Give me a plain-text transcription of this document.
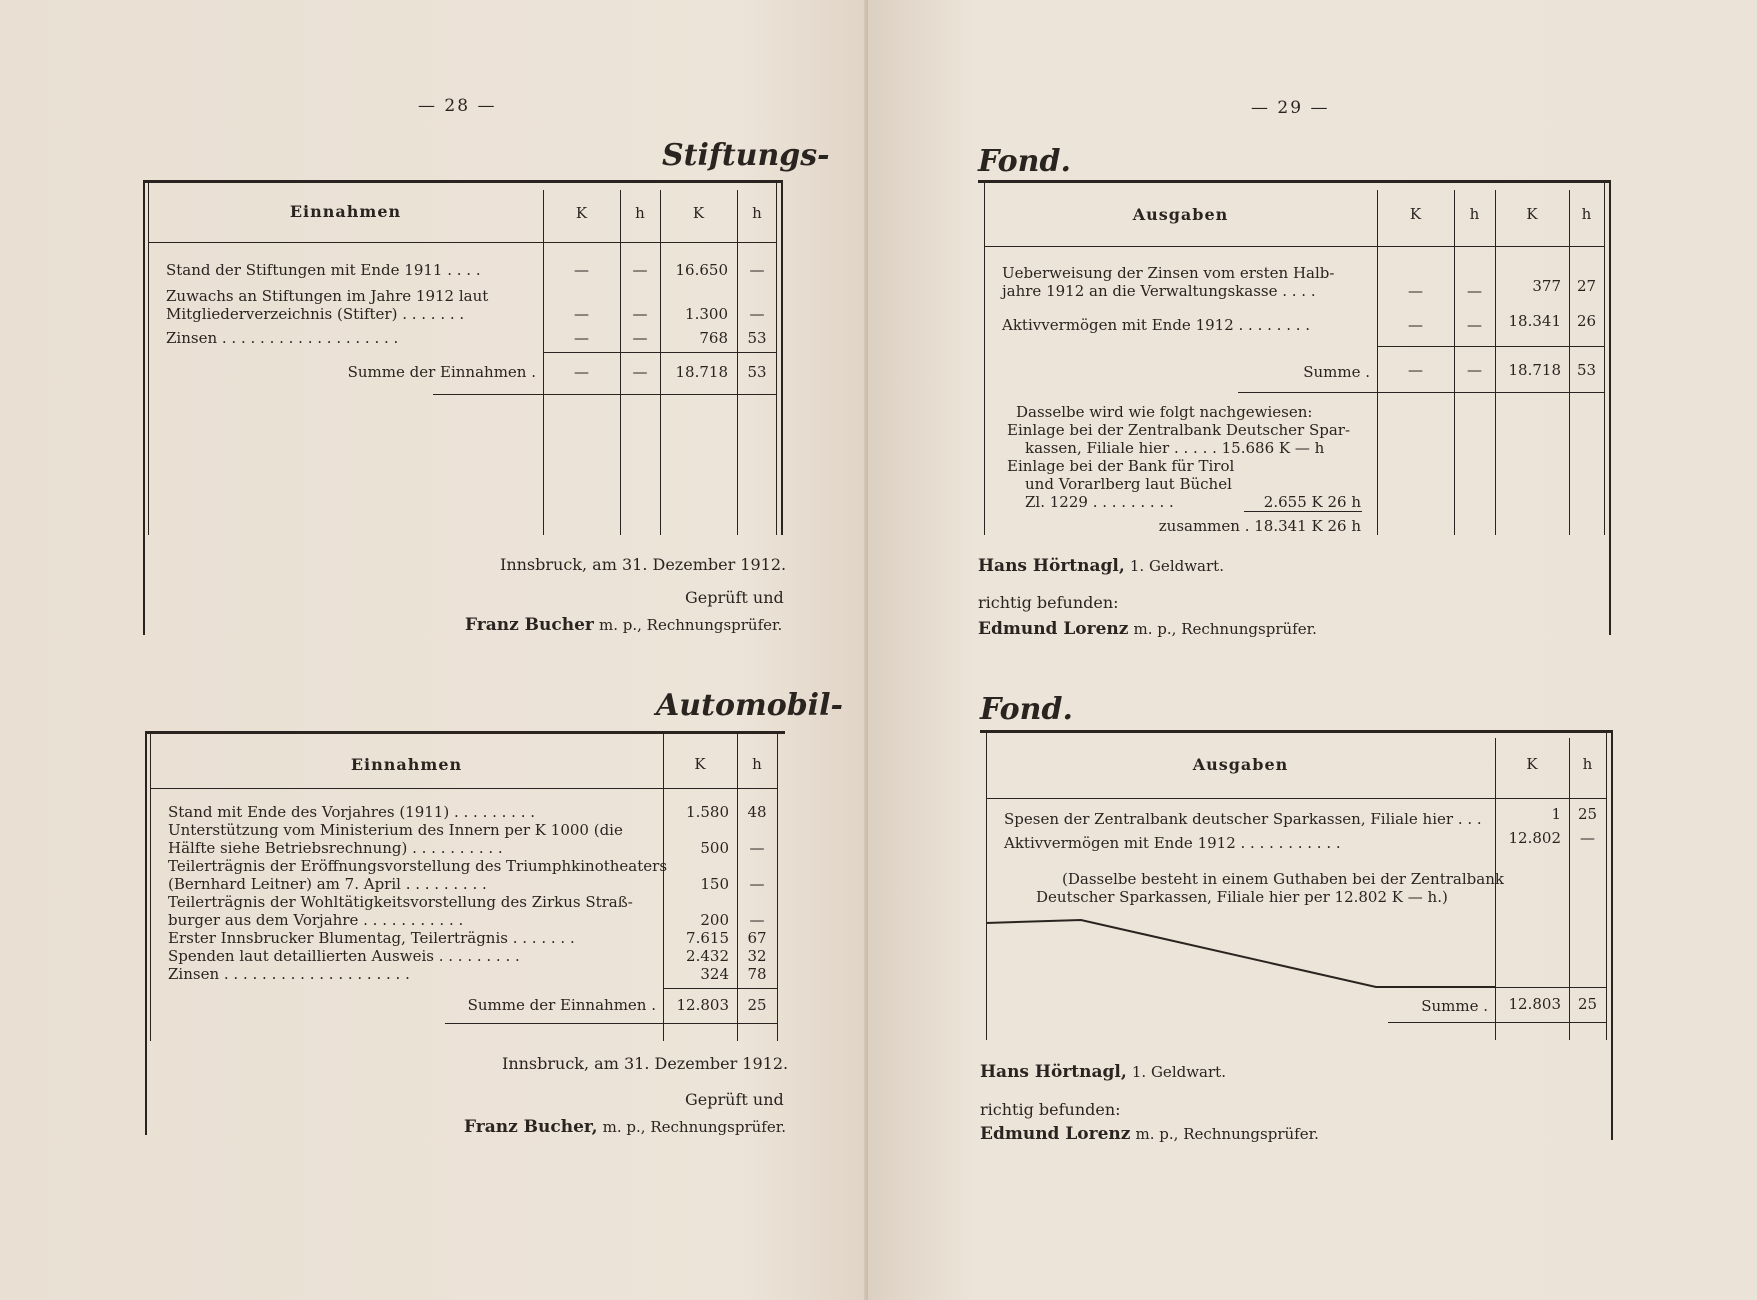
— 28 —
Stiftungs-
Einnahmen	K	h	K	h
Stand der Stiftungen mit Ende 1911 . . . .	—	—	16.650	—
Zuwachs an Stiftungen im Jahre 1912 laut
Mitgliederverzeichnis (Stifter) . . . . . . .	—	—	1.300	—
Zinsen . . . . . . . . . . . . . . . . . . .	—	—	768	53
Summe der Einnahmen .	—	—	18.718	53
Innsbruck, am 31. Dezember 1912.
Geprüft und
Franz Bucher m. p., Rechnungsprüfer.
Automobil-
Einnahmen	K	h
Stand mit Ende des Vorjahres (1911) . . . . . . . . .	1.580	48
Unterstützung vom Ministerium des Innern per K 1000 (die
Hälfte siehe Betriebsrechnung) . . . . . . . . . .	500	—
Teilerträgnis der Eröffnungsvorstellung des Triumphkinotheaters
(Bernhard Leitner) am 7. April . . . . . . . . .	150	—
Teilerträgnis der Wohltätigkeitsvorstellung des Zirkus Straß-
burger aus dem Vorjahre . . . . . . . . . . .	200	—
Erster Innsbrucker Blumentag, Teilerträgnis . . . . . . .	7.615	67
Spenden laut detaillierten Ausweis . . . . . . . . .	2.432	32
Zinsen . . . . . . . . . . . . . . . . . . . .	324	78
Summe der Einnahmen .	12.803	25
Innsbruck, am 31. Dezember 1912.
Geprüft und
Franz Bucher, m. p., Rechnungsprüfer.
— 29 —
Fond.
Ausgaben	K	h	K	h
Ueberweisung der Zinsen vom ersten Halb-
jahre 1912 an die Verwaltungskasse . . . .	—	—	377	27
Aktivvermögen mit Ende 1912 . . . . . . . .	—	—	18.341	26
Summe .	—	—	18.718	53
Dasselbe wird wie folgt nachgewiesen:
Einlage bei der Zentralbank Deutscher Spar-
kassen, Filiale hier . . . . . 15.686 K — h
Einlage bei der Bank für Tirol
und Vorarlberg laut Büchel
Zl. 1229 . . . . . . . . .	2.655 K 26 h
zusammen . 18.341 K 26 h
Hans Hörtnagl, 1. Geldwart.
richtig befunden:
Edmund Lorenz m. p., Rechnungsprüfer.
Fond.
Ausgaben	K	h
Spesen der Zentralbank deutscher Sparkassen, Filiale hier . . .	1	25
Aktivvermögen mit Ende 1912 . . . . . . . . . . .	12.802	—
(Dasselbe besteht in einem Guthaben bei der Zentralbank
Deutscher Sparkassen, Filiale hier per 12.802 K — h.)
Summe .	12.803	25
Hans Hörtnagl, 1. Geldwart.
richtig befunden:
Edmund Lorenz m. p., Rechnungsprüfer.
